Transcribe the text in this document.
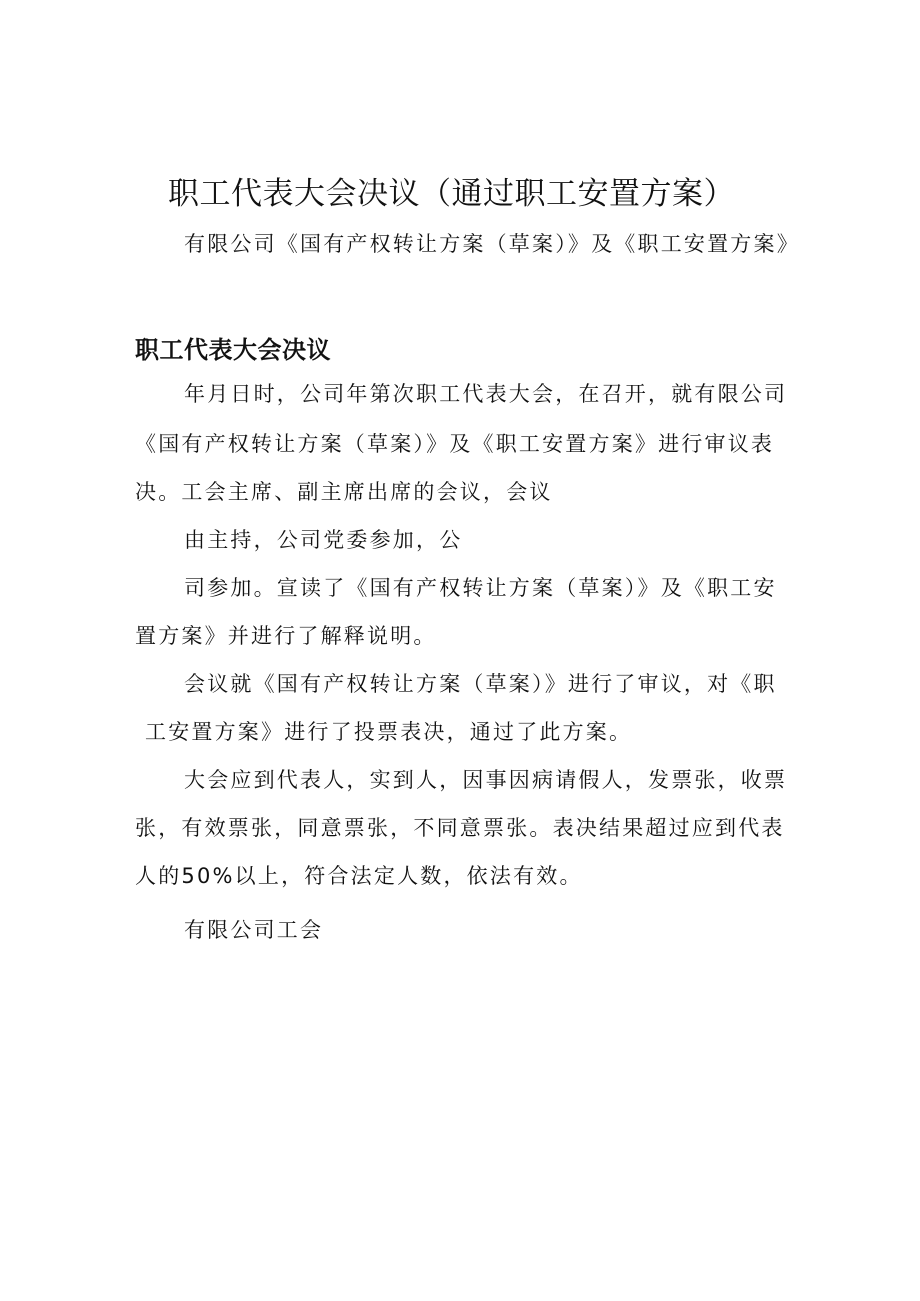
职工代表大会决议（通过职工安置方案）
有限公司《国有产权转让方案（草案）》及《职工安置方案》
职工代表大会决议
年月日时，公司年第次职工代表大会，在召开，就有限公司
《国有产权转让方案（草案）》及《职工安置方案》进行审议表
决。工会主席、副主席出席的会议，会议
由主持，公司党委参加，公
司参加。宣读了《国有产权转让方案（草案）》及《职工安
置方案》并进行了解释说明。
会议就《国有产权转让方案（草案）》进行了审议，对《职
工安置方案》进行了投票表决，通过了此方案。
大会应到代表人，实到人，因事因病请假人，发票张，收票
张，有效票张，同意票张，不同意票张。表决结果超过应到代表
人的50%以上，符合法定人数，依法有效。
有限公司工会
